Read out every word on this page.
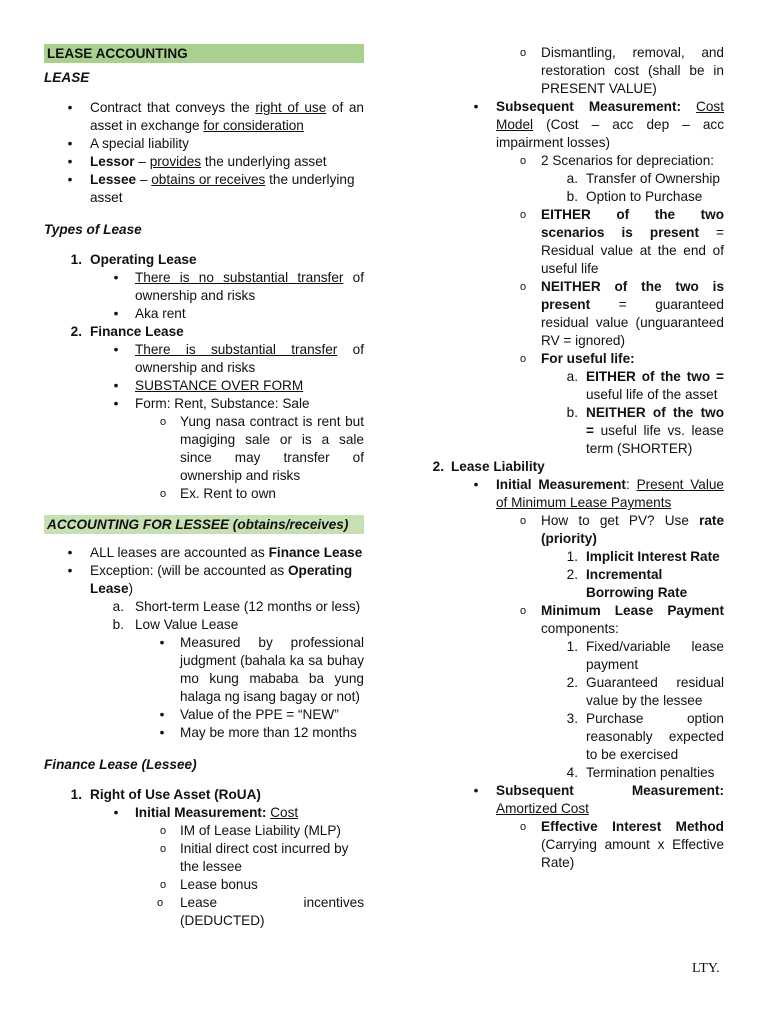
LEASE ACCOUNTING
LEASE
• Contract that conveys the right of use of an asset in exchange for consideration
• A special liability
• Lessor – provides the underlying asset
• Lessee – obtains or receives the underlying asset
Types of Lease
1. Operating Lease
• There is no substantial transfer of ownership and risks
• Aka rent
2. Finance Lease
• There is substantial transfer of ownership and risks
• SUBSTANCE OVER FORM
• Form: Rent, Substance: Sale
o Yung nasa contract is rent but magiging sale or is a sale since may transfer of ownership and risks
o Ex. Rent to own
ACCOUNTING FOR LESSEE (obtains/receives)
• ALL leases are accounted as Finance Lease
• Exception: (will be accounted as Operating Lease)
a. Short-term Lease (12 months or less)
b. Low Value Lease
• Measured by professional judgment (bahala ka sa buhay mo kung mababa ba yung halaga ng isang bagay or not)
• Value of the PPE = “NEW”
• May be more than 12 months
Finance Lease (Lessee)
1. Right of Use Asset (RoUA)
• Initial Measurement: Cost
o IM of Lease Liability (MLP)
o Initial direct cost incurred by the lessee
o Lease bonus
o	Lease incentives (DEDUCTED)
o Dismantling, removal, and restoration cost (shall be in PRESENT VALUE)
• Subsequent Measurement: Cost Model (Cost – acc dep – acc impairment losses)
o 2 Scenarios for depreciation:
a. Transfer of Ownership
b. Option to Purchase
o EITHER of the two scenarios is present = Residual value at the end of useful life
o NEITHER of the two is present = guaranteed residual value (unguaranteed RV = ignored)
o For useful life:
a. EITHER of the two = useful life of the asset
b. NEITHER of the two = useful life vs. lease term (SHORTER)
2. Lease Liability
• Initial Measurement: Present Value of Minimum Lease Payments
o How to get PV? Use rate (priority)
1. Implicit Interest Rate
2. Incremental Borrowing Rate
o Minimum Lease Payment components:
1. Fixed/variable lease payment
2. Guaranteed residual value by the lessee
3. Purchase option reasonably expected to be exercised
4. Termination penalties
• Subsequent Measurement: Amortized Cost
o Effective Interest Method (Carrying amount x Effective Rate)
LTY.
